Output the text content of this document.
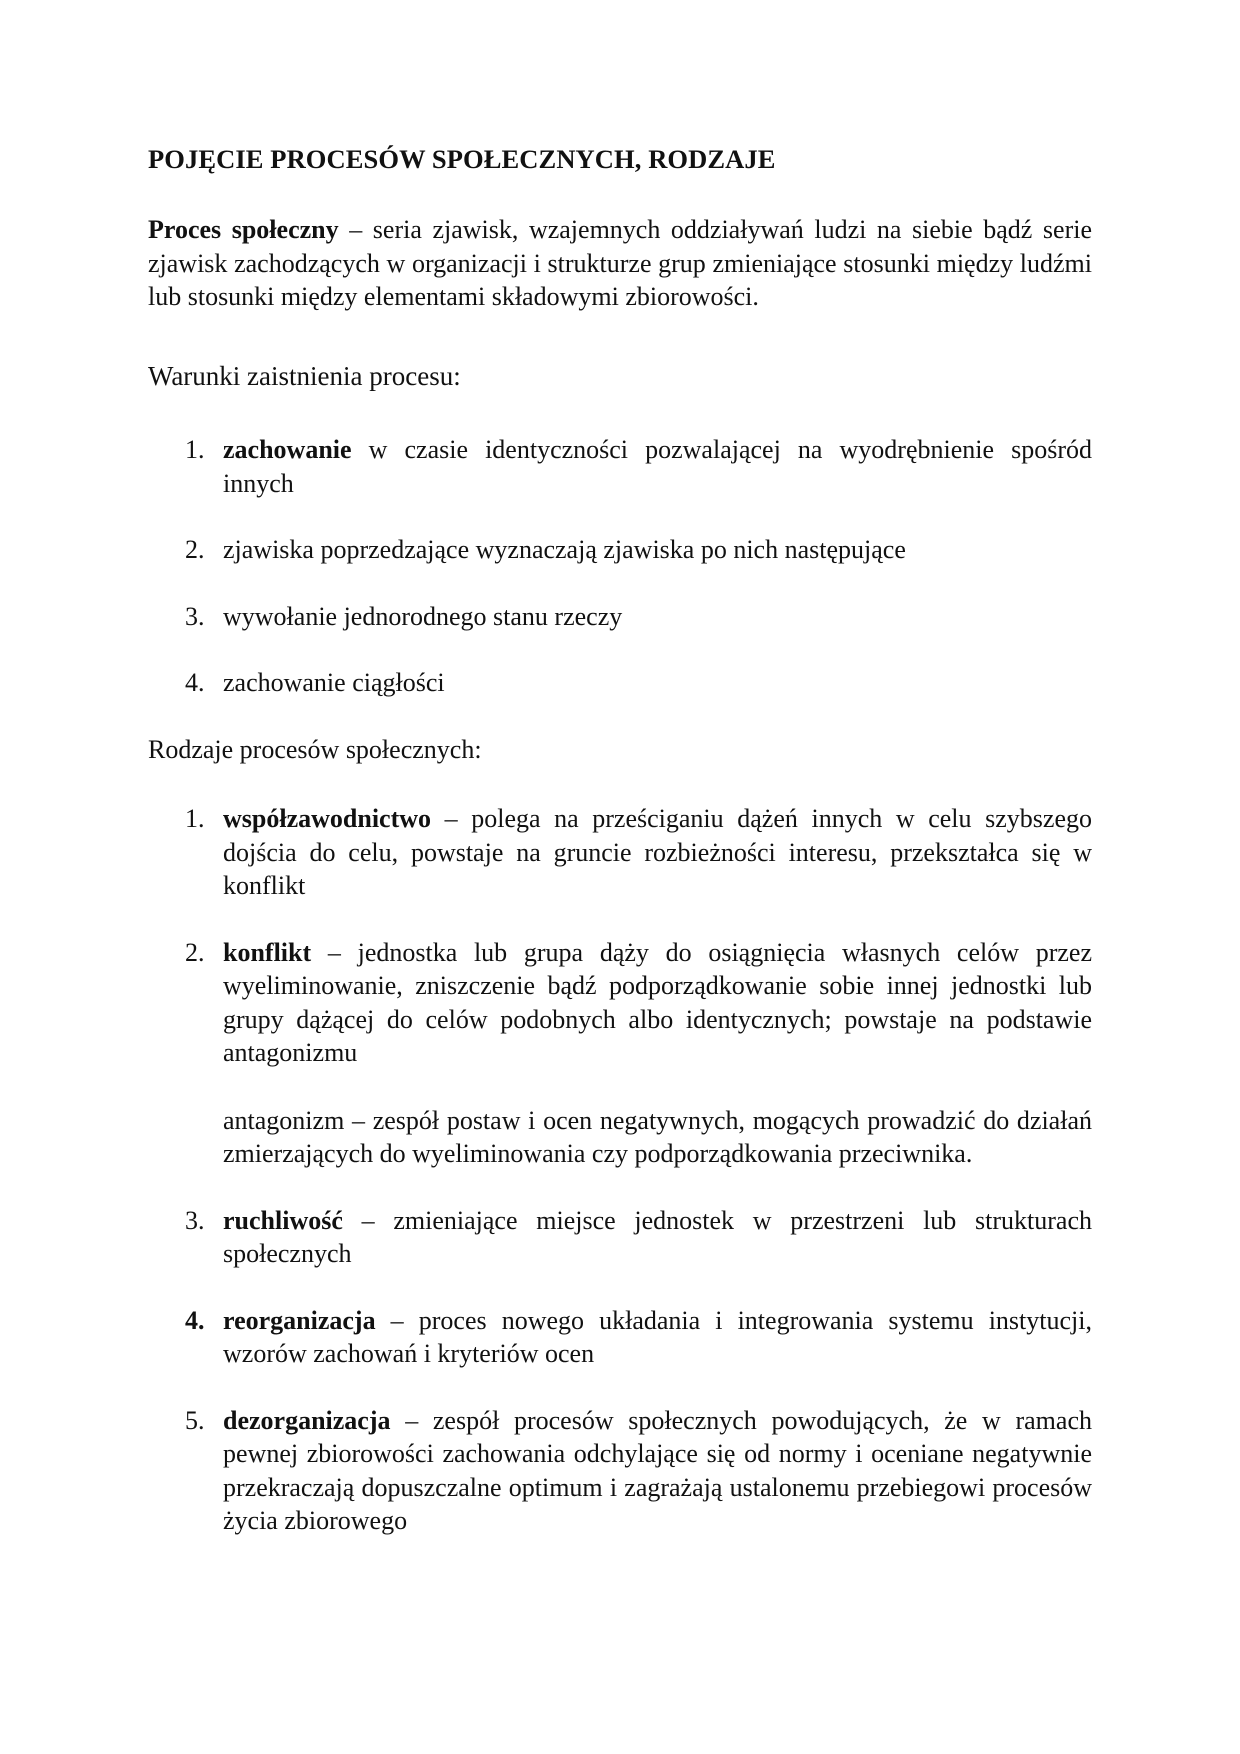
POJĘCIE PROCESÓW SPOŁECZNYCH, RODZAJE

Proces społeczny – seria zjawisk, wzajemnych oddziaływań ludzi na siebie bądź serie zjawisk zachodzących w organizacji i strukturze grup zmieniające stosunki między ludźmi lub stosunki między elementami składowymi zbiorowości.

Warunki zaistnienia procesu:

1. zachowanie w czasie identyczności pozwalającej na wyodrębnienie spośród innych
2. zjawiska poprzedzające wyznaczają zjawiska po nich następujące
3. wywołanie jednorodnego stanu rzeczy
4. zachowanie ciągłości

Rodzaje procesów społecznych:

1. współzawodnictwo – polega na prześciganiu dążeń innych w celu szybszego dojścia do celu, powstaje na gruncie rozbieżności interesu, przekształca się w konflikt
2. konflikt – jednostka lub grupa dąży do osiągnięcia własnych celów przez wyeliminowanie, zniszczenie bądź podporządkowanie sobie innej jednostki lub grupy dążącej do celów podobnych albo identycznych; powstaje na podstawie antagonizmu
antagonizm – zespół postaw i ocen negatywnych, mogących prowadzić do działań zmierzających do wyeliminowania czy podporządkowania przeciwnika.
3. ruchliwość – zmieniające miejsce jednostek w przestrzeni lub strukturach społecznych
4. reorganizacja – proces nowego układania i integrowania systemu instytucji, wzorów zachowań i kryteriów ocen
5. dezorganizacja – zespół procesów społecznych powodujących, że w ramach pewnej zbiorowości zachowania odchylające się od normy i oceniane negatywnie przekraczają dopuszczalne optimum i zagrażają ustalonemu przebiegowi procesów życia zbiorowego
